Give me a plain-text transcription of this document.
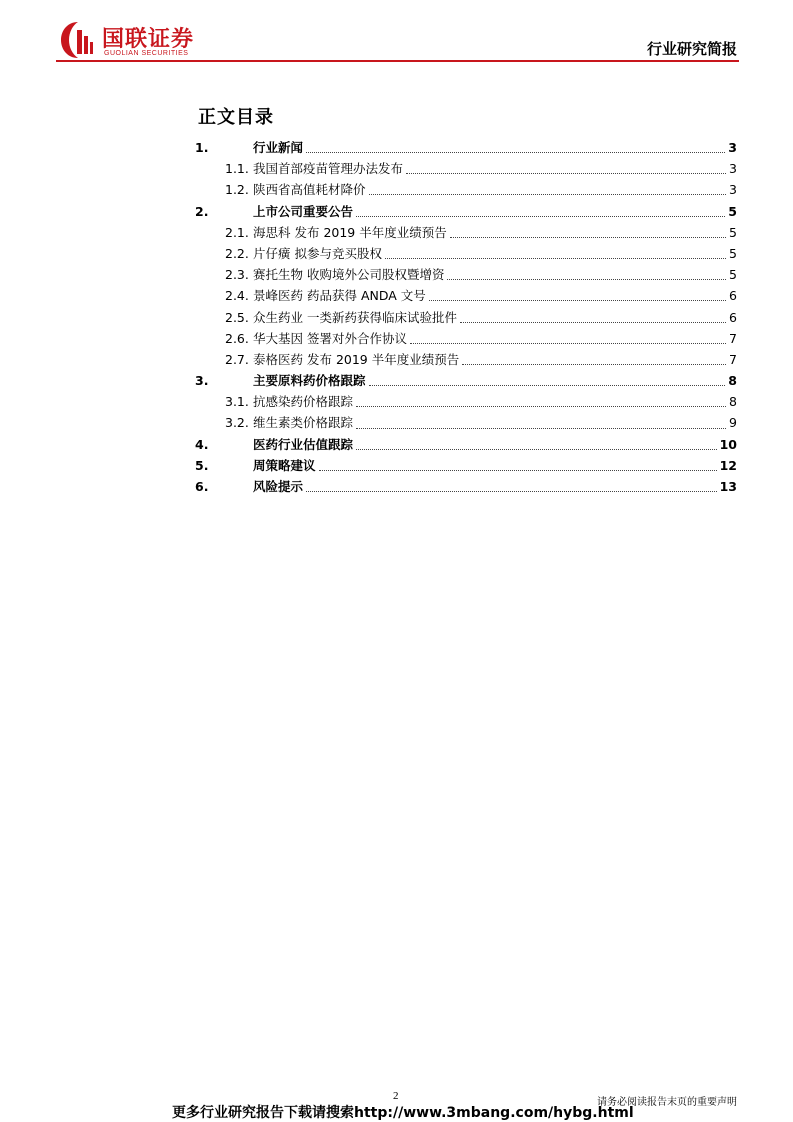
国联证券
GUOLIAN SECURITIES	行业研究简报
正文目录
1.	行业新闻	3
1.1. 我国首部疫苗管理办法发布	3
1.2. 陕西省高值耗材降价	3
2.	上市公司重要公告	5
2.1. 海思科 发布 2019 半年度业绩预告	5
2.2. 片仔癀 拟参与竞买股权	5
2.3. 赛托生物 收购境外公司股权暨增资	5
2.4. 景峰医药 药品获得 ANDA 文号	6
2.5. 众生药业 一类新药获得临床试验批件	6
2.6. 华大基因 签署对外合作协议	7
2.7. 泰格医药 发布 2019 半年度业绩预告	7
3.	主要原料药价格跟踪	8
3.1. 抗感染药价格跟踪	8
3.2. 维生素类价格跟踪	9
4.	医药行业估值跟踪	10
5.	周策略建议	12
6.	风险提示	13
2
请务必阅读报告末页的重要声明
更多行业研究报告下载请搜索http://www.3mbang.com/hybg.html
